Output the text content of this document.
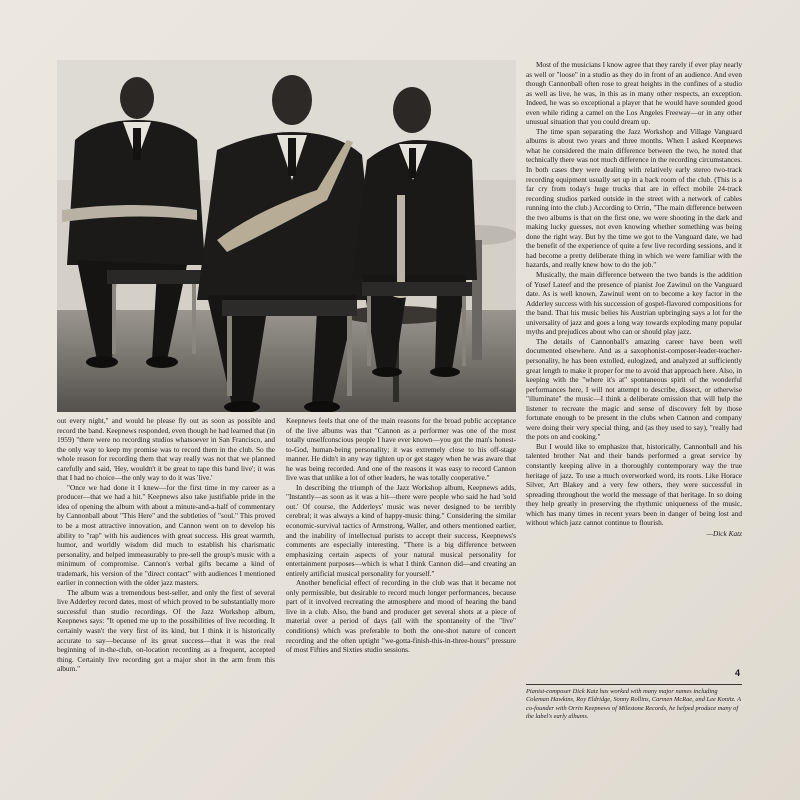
out every night," and would he please fly out as soon as possible and record the band. Keepnews responded, even though he had learned that (in 1959) "there were no recording studios whatsoever in San Francisco, and the only way to keep my promise was to record them in the club. So the whole reason for recording them that way really was not that we planned carefully and said, 'Hey, wouldn't it be great to tape this band live'; it was that I had no choice—the only way to do it was 'live.'

"Once we had done it I knew—for the first time in my career as a producer—that we had a hit." Keepnews also take justifiable pride in the idea of opening the album with about a minute-and-a-half of commentary by Cannonball about "This Here" and the subtleties of "soul." This proved to be a most attractive innovation, and Cannon went on to develop his ability to "rap" with his audiences with great success. His great warmth, humor, and worldly wisdom did much to establish his charismatic personality, and helped immeasurably to pre-sell the group's music with a minimum of compromise. Cannon's verbal gifts became a kind of trademark, his version of the "direct contact" with audiences I mentioned earlier in connection with the older jazz masters.

The album was a tremendous best-seller, and only the first of several live Adderley record dates, most of which proved to be substantially more successful than studio recordings. Of the Jazz Workshop album, Keepnews says: "It opened me up to the possibilities of live recording. It certainly wasn't the very first of its kind, but I think it is historically accurate to say—because of its great success—that it was the real beginning of in-the-club, on-location recording as a frequent, accepted thing. Certainly live recording got a major shot in the arm from this album."

Keepnews feels that one of the main reasons for the broad public acceptance of the live albums was that "Cannon as a performer was one of the most totally unselfconscious people I have ever known—you got the man's honest-to-God, human-being personality; it was extremely close to his off-stage manner. He didn't in any way tighten up or get stagey when he was aware that he was being recorded. And one of the reasons it was easy to record Cannon live was that unlike a lot of other leaders, he was totally cooperative."

In describing the triumph of the Jazz Workshop album, Keepnews adds, "Instantly—as soon as it was a hit—there were people who said he had 'sold out.' Of course, the Adderleys' music was never designed to be terribly cerebral; it was always a kind of happy-music thing." Considering the similar economic-survival tactics of Armstrong, Waller, and others mentioned earlier, and the inability of intellectual purists to accept their success, Keepnews's comments are especially interesting. "There is a big difference between emphasizing certain aspects of your natural musical personality for entertainment purposes—which is what I think Cannon did—and creating an entirely artificial musical personality for yourself."

Another beneficial effect of recording in the club was that it became not only permissible, but desirable to record much longer performances, because part of it involved recreating the atmosphere and mood of hearing the band live in a club. Also, the band and producer get several shots at a piece of material over a period of days (all with the spontaneity of the "live" conditions) which was preferable to both the one-shot nature of concert recording and the often uptight "we-gotta-finish-this-in-three-hours" pressure of most Fifties and Sixties studio sessions.

Most of the musicians I know agree that they rarely if ever play nearly as well or "loose" in a studio as they do in front of an audience. And even though Cannonball often rose to great heights in the confines of a studio as well as live, he was, in this as in many other respects, an exception. Indeed, he was so exceptional a player that he would have sounded good even while riding a camel on the Los Angeles Freeway—or in any other unusual situation that you could dream up.

The time span separating the Jazz Workshop and Village Vanguard albums is about two years and three months. When I asked Keepnews what he considered the main difference between the two, he noted that technically there was not much difference in the recording circumstances. In both cases they were dealing with relatively early stereo two-track recording equipment usually set up in a back room of the club. (This is a far cry from today's huge trucks that are in effect mobile 24-track recording studios parked outside in the street with a network of cables running into the club.) According to Orrin, "The main difference between the two albums is that on the first one, we were shooting in the dark and making lucky guesses, not even knowing whether something was being done the right way. But by the time we got to the Vanguard date, we had the benefit of the experience of quite a few live recording sessions, and it had become a pretty deliberate thing in which we were familiar with the hazards, and really knew how to do the job."

Musically, the main difference between the two bands is the addition of Yusef Lateef and the presence of pianist Joe Zawinul on the Vanguard date. As is well known, Zawinul went on to become a key factor in the Adderley success with his succession of gospel-flavored compositions for the band. That his music belies his Austrian upbringing says a lot for the universality of jazz and goes a long way towards exploding many popular myths and prejudices about who can or should play jazz.

The details of Cannonball's amazing career have been well documented elsewhere. And as a saxophonist-composer-leader-teacher-personality, he has been extolled, eulogized, and analyzed at sufficiently great length to make it proper for me to avoid that approach here. Also, in keeping with the "where it's at" spontaneous spirit of the wonderful performances here, I will not attempt to describe, dissect, or otherwise "illuminate" the music—I think a deliberate omission that will help the listener to recreate the magic and sense of discovery felt by those fortunate enough to be present in the clubs when Cannon and company were doing their very special thing, and (as they used to say), "really had the pots on and cooking."

But I would like to emphasize that, historically, Cannonball and his talented brother Nat and their bands performed a great service by constantly keeping alive in a thoroughly contemporary way the true heritage of jazz. To use a much overworked word, its roots. Like Horace Silver, Art Blakey and a very few others, they were successful in spreading throughout the world the message of that heritage. In so doing they help greatly in preserving the rhythmic uniqueness of the music, which has many times in recent years been in danger of being lost and without which jazz cannot continue to flourish.

—Dick Katz
4
Pianist-composer Dick Katz has worked with many major names including Coleman Hawkins, Roy Eldridge, Sonny Rollins, Carmen McRae, and Lee Konitz. A co-founder with Orrin Keepnews of Milestone Records, he helped produce many of the label's early albums.
